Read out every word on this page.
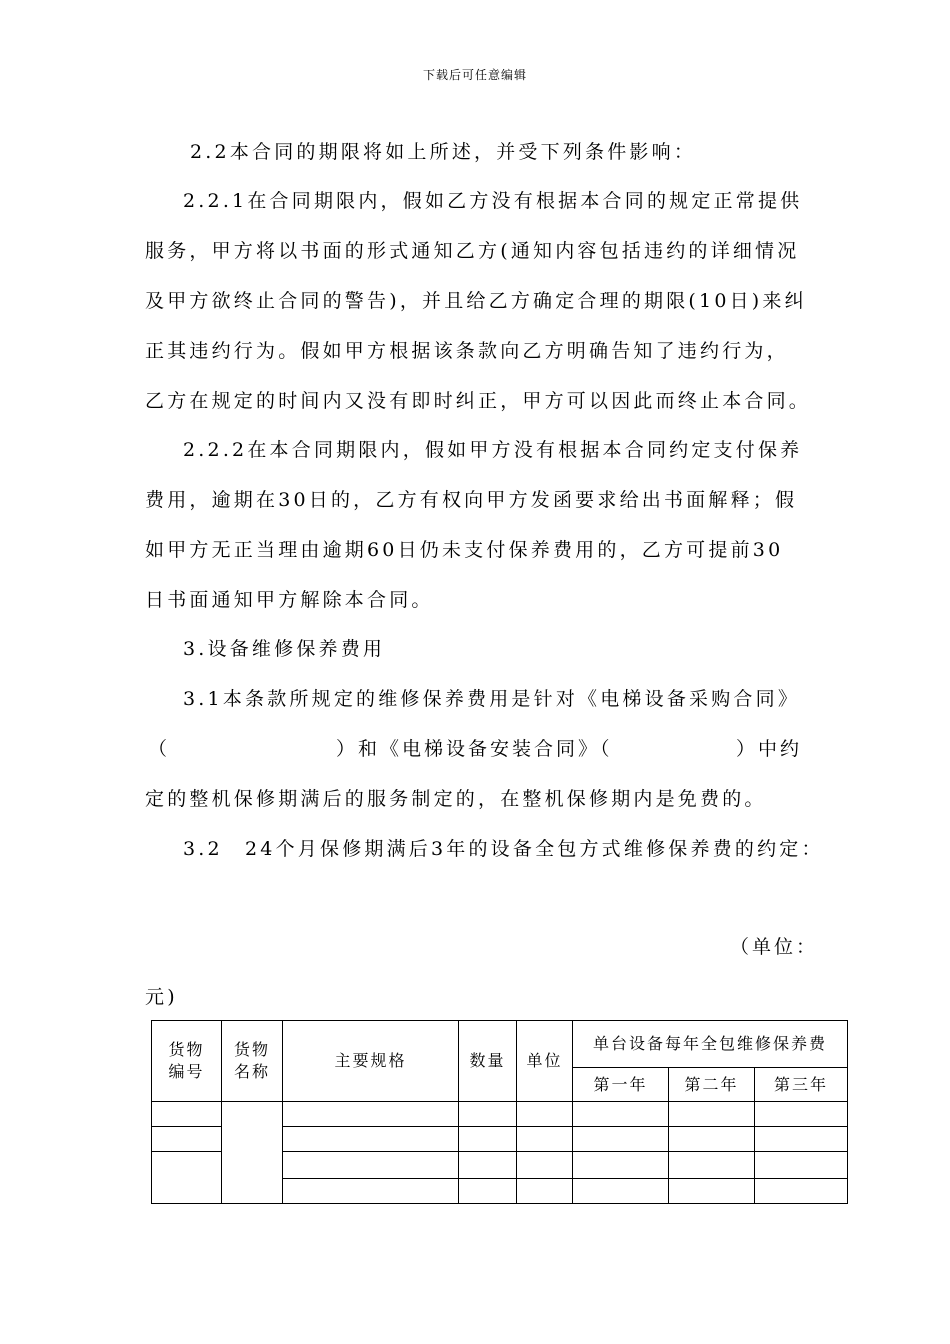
下载后可任意编辑
2.2本合同的期限将如上所述，并受下列条件影响：
2.2.1在合同期限内，假如乙方没有根据本合同的规定正常提供
服务，甲方将以书面的形式通知乙方(通知内容包括违约的详细情况
及甲方欲终止合同的警告)，并且给乙方确定合理的期限(10日)来纠
正其违约行为。假如甲方根据该条款向乙方明确告知了违约行为，
乙方在规定的时间内又没有即时纠正，甲方可以因此而终止本合同。
2.2.2在本合同期限内，假如甲方没有根据本合同约定支付保养
费用，逾期在30日的，乙方有权向甲方发函要求给出书面解释；假
如甲方无正当理由逾期60日仍未支付保养费用的，乙方可提前30
日书面通知甲方解除本合同。
3.设备维修保养费用
3.1本条款所规定的维修保养费用是针对《电梯设备采购合同》
（	）和《电梯设备安装合同》（	）中约
定的整机保修期满后的服务制定的，在整机保修期内是免费的。
3.2　24个月保修期满后3年的设备全包方式维修保养费的约定：
（单位：
元)
货物编号	货物名称	主要规格	数量	单位	单台设备每年全包维修保养费		
					第一年	第二年	第三年
